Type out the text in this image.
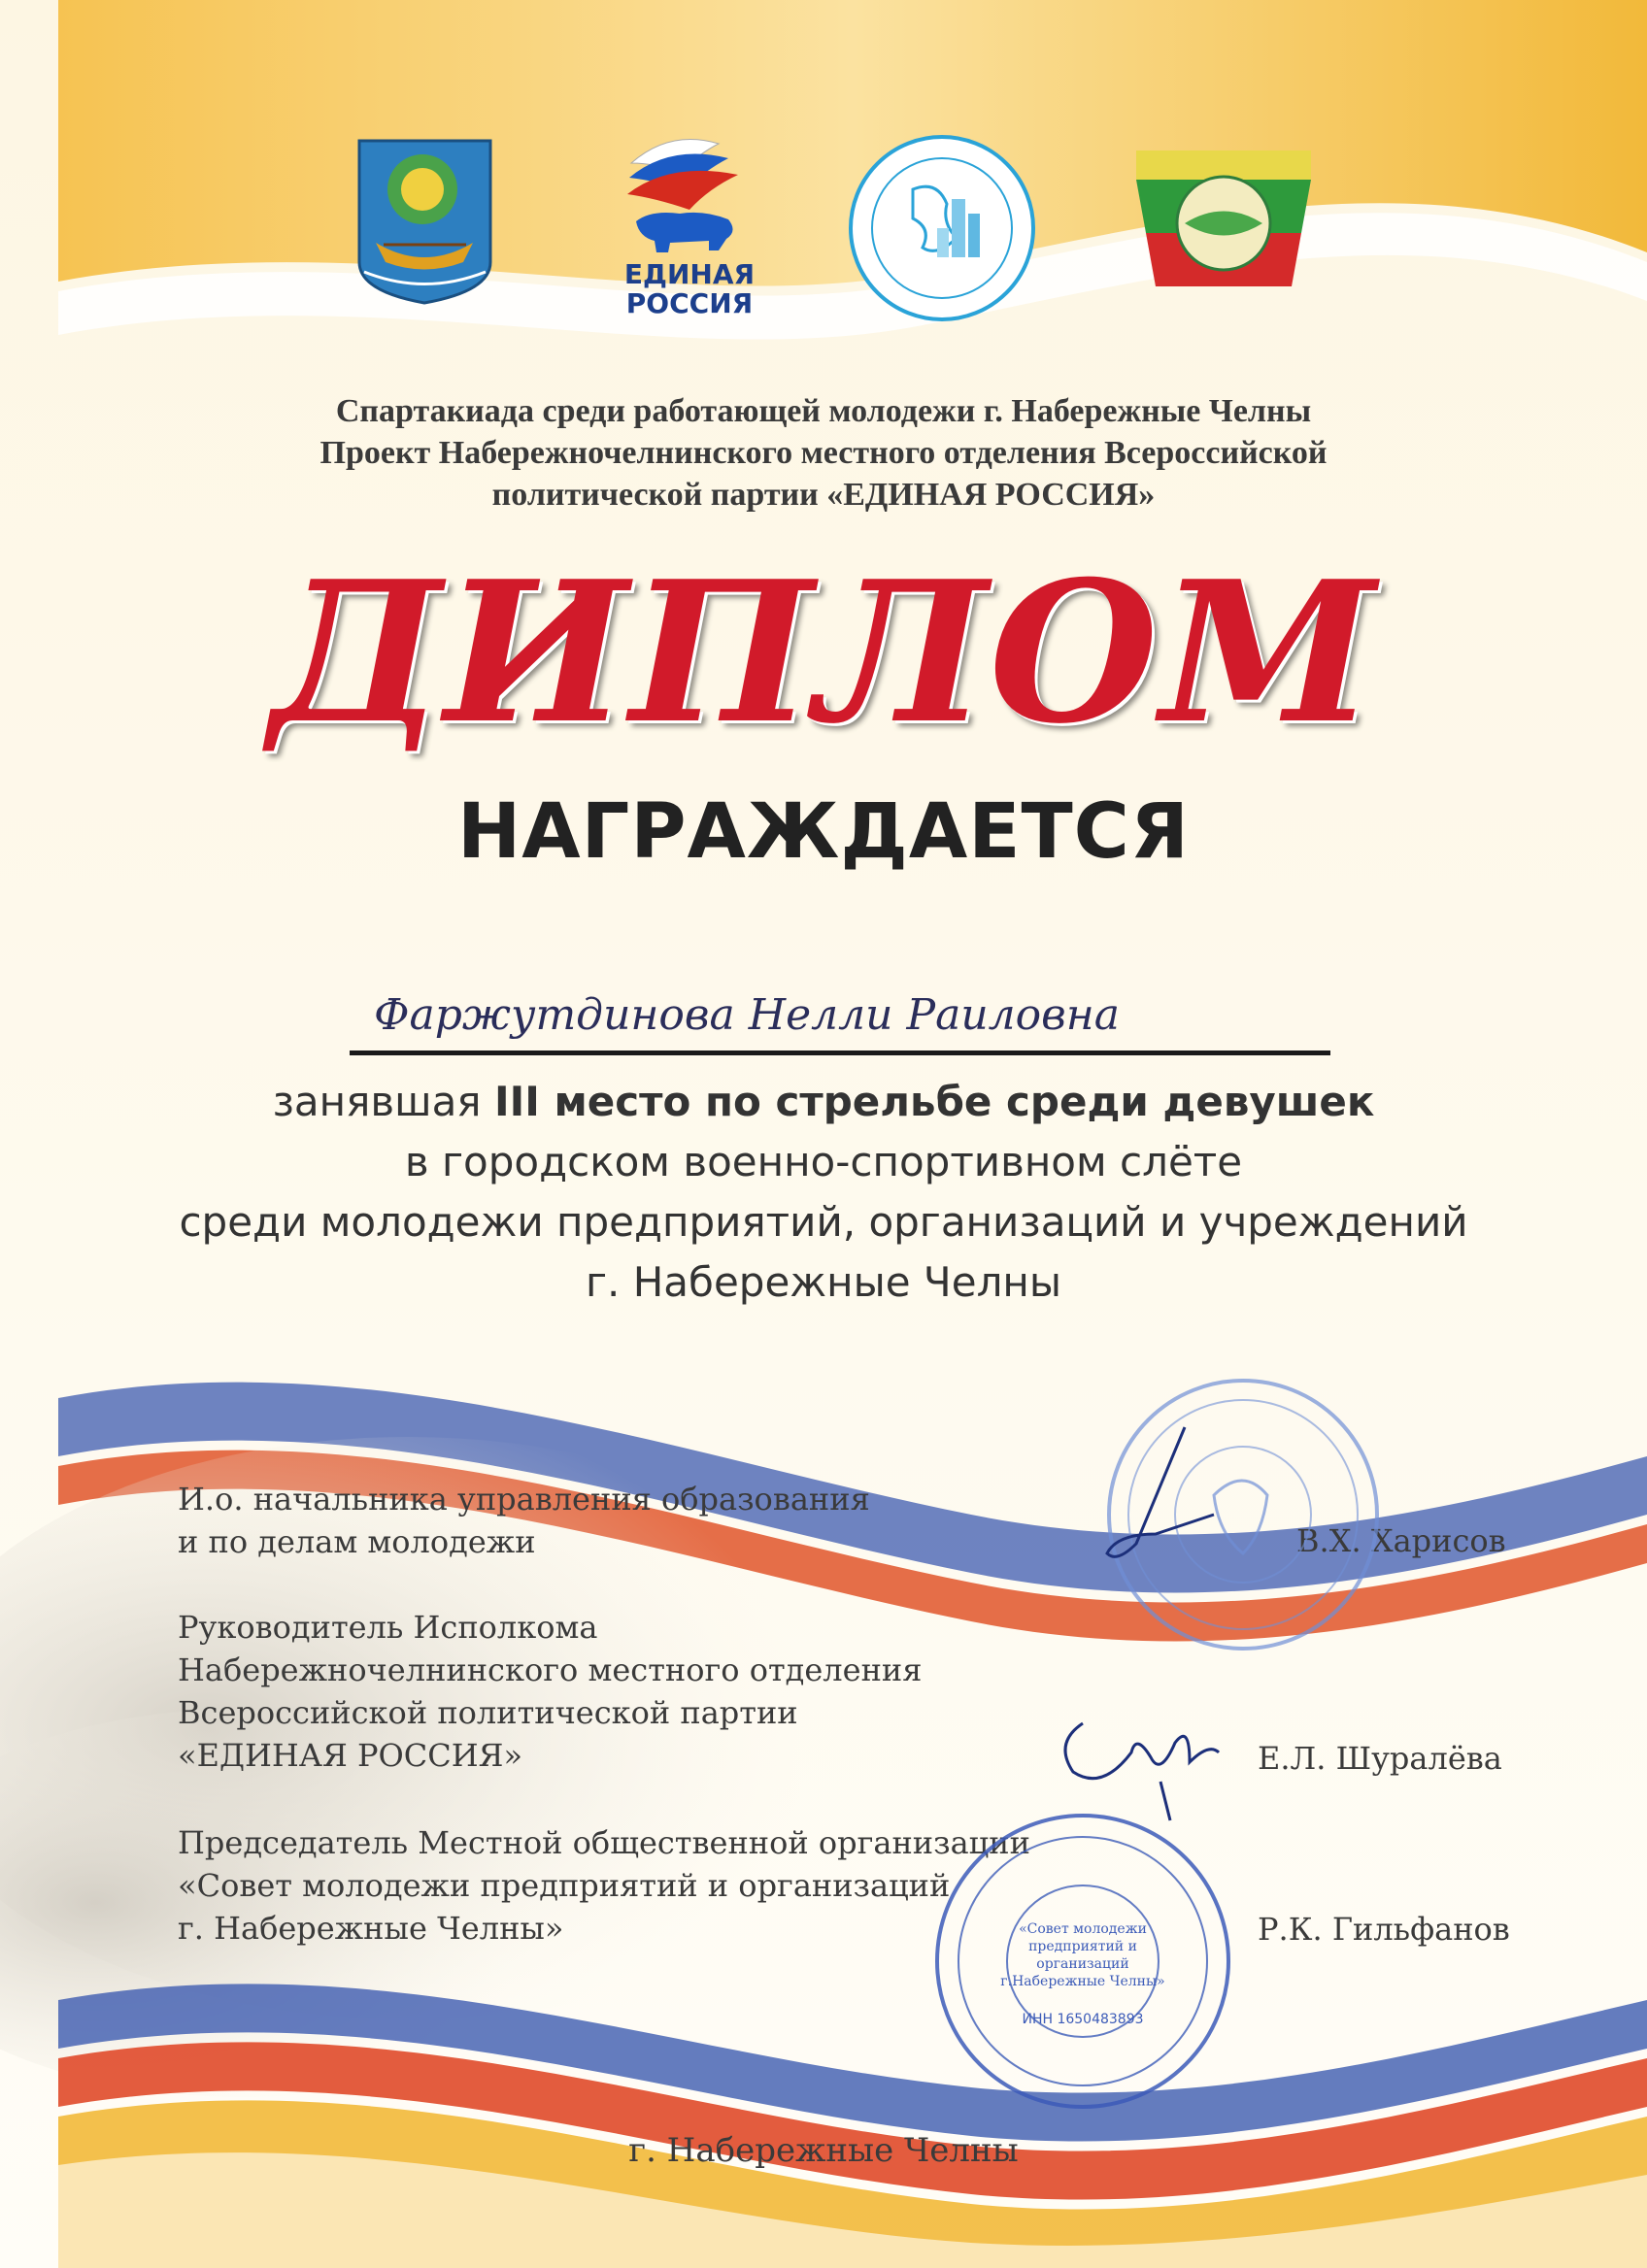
ЕДИНАЯ
РОССИЯ
Спартакиада среди работающей молодежи г. Набережные Челны
Проект Набережночелнинского местного отделения Всероссийской
политической партии «ЕДИНАЯ РОССИЯ»
ДИПЛОМ
НАГРАЖДАЕТСЯ
Фаржутдинова Нелли Раиловна
занявшая III место по стрельбе среди девушек
в городском военно-спортивном слёте
среди молодежи предприятий, организаций и учреждений
г. Набережные Челны
И.о. начальника управления образования
и по делам молодежи	В.Х. Харисов
Руководитель Исполкома
Набережночелнинского местного отделения
Всероссийской политической партии
«ЕДИНАЯ РОССИЯ»	Е.Л. Шуралёва
Председатель Местной общественной организации
«Совет молодежи предприятий и организаций
г. Набережные Челны»	Р.К. Гильфанов
«Совет молодежи
предприятий и организаций
г.Набережные Челны»
ИНН 1650483893
г. Набережные Челны
